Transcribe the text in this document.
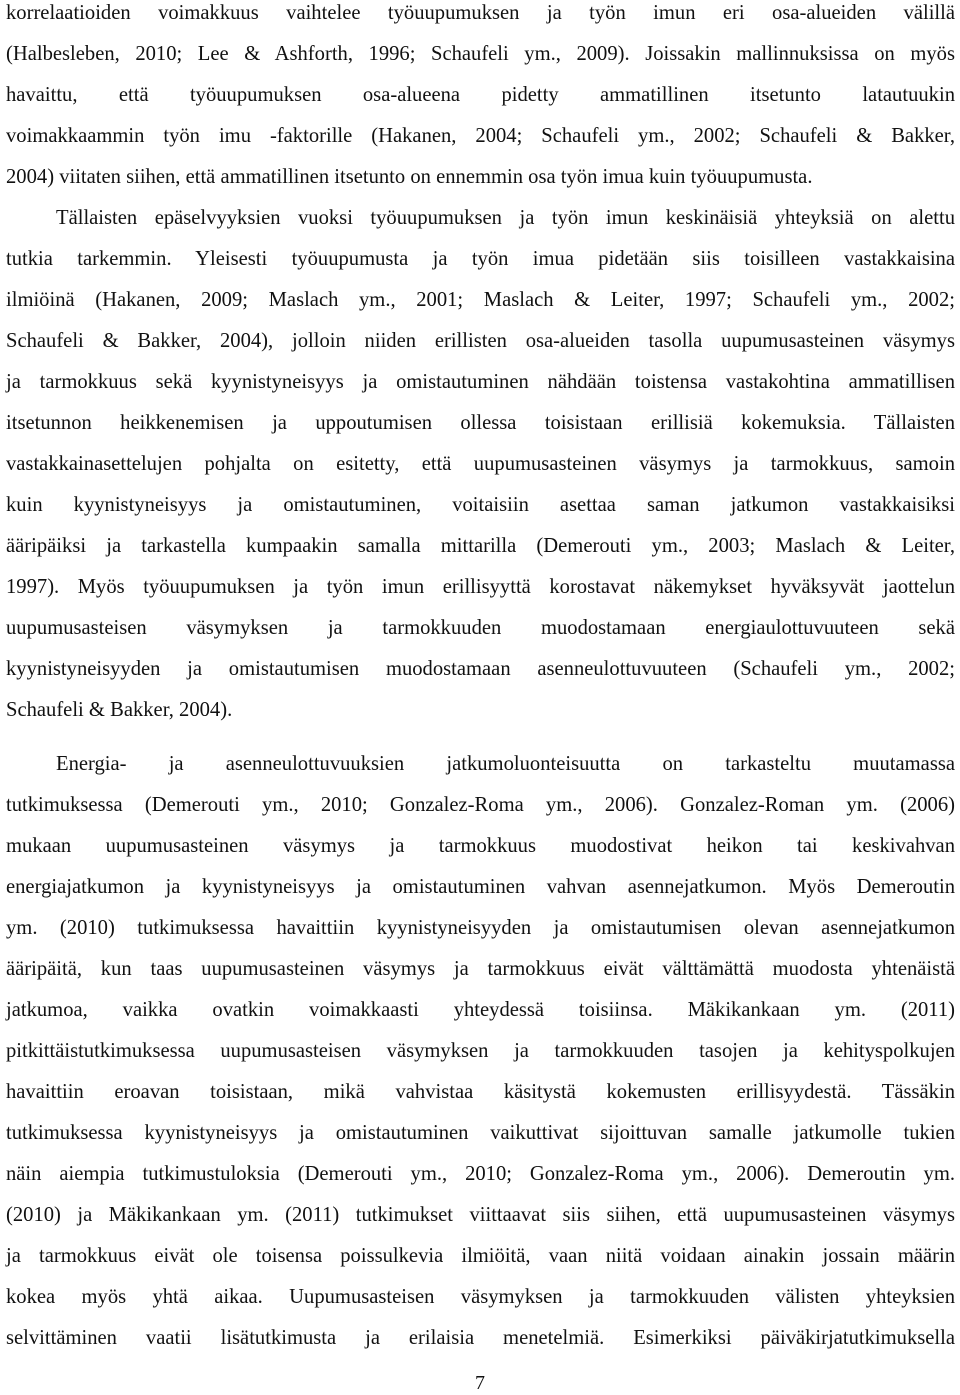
korrelaatioiden voimakkuus vaihtelee työuupumuksen ja työn imun eri osa-alueiden välillä
(Halbesleben, 2010; Lee & Ashforth, 1996; Schaufeli ym., 2009). Joissakin mallinnuksissa on myös
havaittu, että työuupumuksen osa-alueena pidetty ammatillinen itsetunto latautuukin
voimakkaammin työn imu -faktorille (Hakanen, 2004; Schaufeli ym., 2002; Schaufeli & Bakker,
2004) viitaten siihen, että ammatillinen itsetunto on ennemmin osa työn imua kuin työuupumusta.
Tällaisten epäselvyyksien vuoksi työuupumuksen ja työn imun keskinäisiä yhteyksiä on alettu
tutkia tarkemmin. Yleisesti työuupumusta ja työn imua pidetään siis toisilleen vastakkaisina
ilmiöinä (Hakanen, 2009; Maslach ym., 2001; Maslach & Leiter, 1997; Schaufeli ym., 2002;
Schaufeli & Bakker, 2004), jolloin niiden erillisten osa-alueiden tasolla uupumusasteinen väsymys
ja tarmokkuus sekä kyynistyneisyys ja omistautuminen nähdään toistensa vastakohtina ammatillisen
itsetunnon heikkenemisen ja uppoutumisen ollessa toisistaan erillisiä kokemuksia. Tällaisten
vastakkainasettelujen pohjalta on esitetty, että uupumusasteinen väsymys ja tarmokkuus, samoin
kuin kyynistyneisyys ja omistautuminen, voitaisiin asettaa saman jatkumon vastakkaisiksi
ääripäiksi ja tarkastella kumpaakin samalla mittarilla (Demerouti ym., 2003; Maslach & Leiter,
1997). Myös työuupumuksen ja työn imun erillisyyttä korostavat näkemykset hyväksyvät jaottelun
uupumusasteisen väsymyksen ja tarmokkuuden muodostamaan energiaulottuvuuteen sekä
kyynistyneisyyden ja omistautumisen muodostamaan asenneulottuvuuteen (Schaufeli ym., 2002;
Schaufeli & Bakker, 2004).
Energia- ja asenneulottuvuuksien jatkumoluonteisuutta on tarkasteltu muutamassa
tutkimuksessa (Demerouti ym., 2010; Gonzalez-Roma ym., 2006). Gonzalez-Roman ym. (2006)
mukaan uupumusasteinen väsymys ja tarmokkuus muodostivat heikon tai keskivahvan
energiajatkumon ja kyynistyneisyys ja omistautuminen vahvan asennejatkumon. Myös Demeroutin
ym. (2010) tutkimuksessa havaittiin kyynistyneisyyden ja omistautumisen olevan asennejatkumon
ääripäitä, kun taas uupumusasteinen väsymys ja tarmokkuus eivät välttämättä muodosta yhtenäistä
jatkumoa, vaikka ovatkin voimakkaasti yhteydessä toisiinsa. Mäkikankaan ym. (2011)
pitkittäistutkimuksessa uupumusasteisen väsymyksen ja tarmokkuuden tasojen ja kehityspolkujen
havaittiin eroavan toisistaan, mikä vahvistaa käsitystä kokemusten erillisyydestä. Tässäkin
tutkimuksessa kyynistyneisyys ja omistautuminen vaikuttivat sijoittuvan samalle jatkumolle tukien
näin aiempia tutkimustuloksia (Demerouti ym., 2010; Gonzalez-Roma ym., 2006). Demeroutin ym.
(2010) ja Mäkikankaan ym. (2011) tutkimukset viittaavat siis siihen, että uupumusasteinen väsymys
ja tarmokkuus eivät ole toisensa poissulkevia ilmiöitä, vaan niitä voidaan ainakin jossain määrin
kokea myös yhtä aikaa. Uupumusasteisen väsymyksen ja tarmokkuuden välisten yhteyksien
selvittäminen vaatii lisätutkimusta ja erilaisia menetelmiä. Esimerkiksi päiväkirjatutkimuksella
7
